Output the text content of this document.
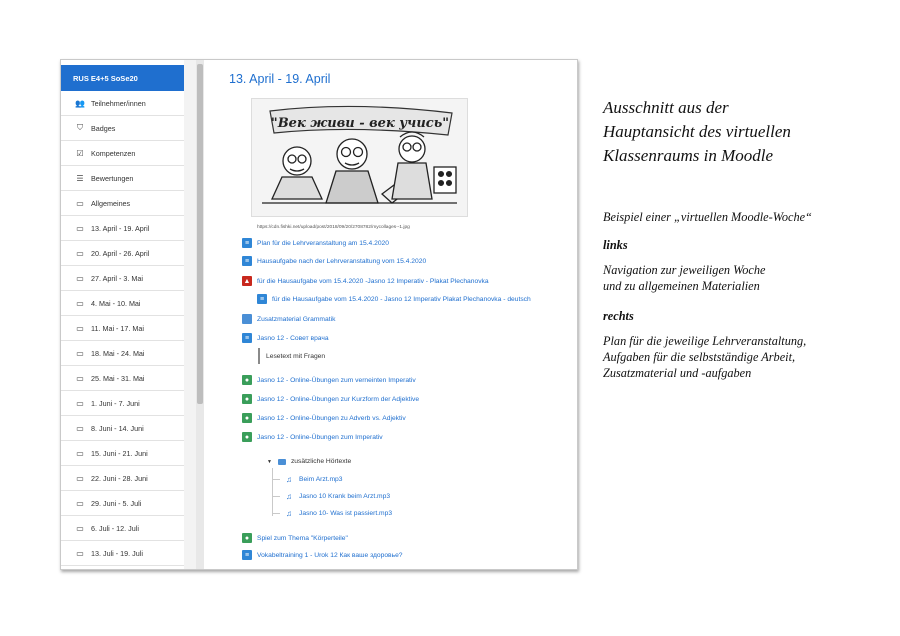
RUS E4+5 SoSe20
👥 Teilnehmer/innen
⛉	Badges
☑	Kompetenzen
☰	Bewertungen
▭	Allgemeines
▭	13. April - 19. April
▭	20. April - 26. April
▭	27. April - 3. Mai
▭	4. Mai - 10. Mai
▭	11. Mai - 17. Mai
▭	18. Mai - 24. Mai
▭	25. Mai - 31. Mai
▭	1. Juni - 7. Juni
▭	8. Juni - 14. Juni
▭	15. Juni - 21. Juni
▭	22. Juni - 28. Juni
▭	29. Juni - 5. Juli
▭	6. Juli - 12. Juli
▭	13. Juli - 19. Juli
13. April - 19. April
"Век живи - век учись"
https://cdn.fishki.net/upload/post/2018/09/20/2708782/mycollages--1.jpg
≡	Plan für die Lehrveranstaltung am 15.4.2020
≡	Hausaufgabe nach der Lehrveranstaltung vom 15.4.2020
▲ für die Hausaufgabe vom 15.4.2020 -Jasno 12 Imperativ - Plakat Plechanovka
≡	für die Hausaufgabe vom 15.4.2020 - Jasno 12 Imperativ Plakat Plechanovka - deutsch
Zusatzmaterial Grammatik
≡	Jasno 12 - Совет врача
●	Jasno 12 - Online-Übungen zum verneinten Imperativ
●	Jasno 12 - Online-Übungen zur Kurzform der Adjektive
●	Jasno 12 - Online-Übungen zu Adverb vs. Adjektiv
●	Jasno 12 - Online-Übungen zum Imperativ
●	Spiel zum Thema "Körperteile"
≡	Vokabeltraining 1 - Urok 12 Как ваше здоровье?
Lesetext mit Fragen
▼	zusätzliche Hörtexte
♫ Beim Arzt.mp3
♫ Jasno 10 Krank beim Arzt.mp3
♫ Jasno 10- Was ist passiert.mp3
Ausschnitt aus der
Hauptansicht des virtuellen
Klassenraums in Moodle
Beispiel einer „virtuellen Moodle-Woche“
links
Navigation zur jeweiligen Woche
und zu allgemeinen Materialien
rechts
Plan für die jeweilige Lehrveranstaltung,
Aufgaben für die selbstständige Arbeit,
Zusatzmaterial und -aufgaben
